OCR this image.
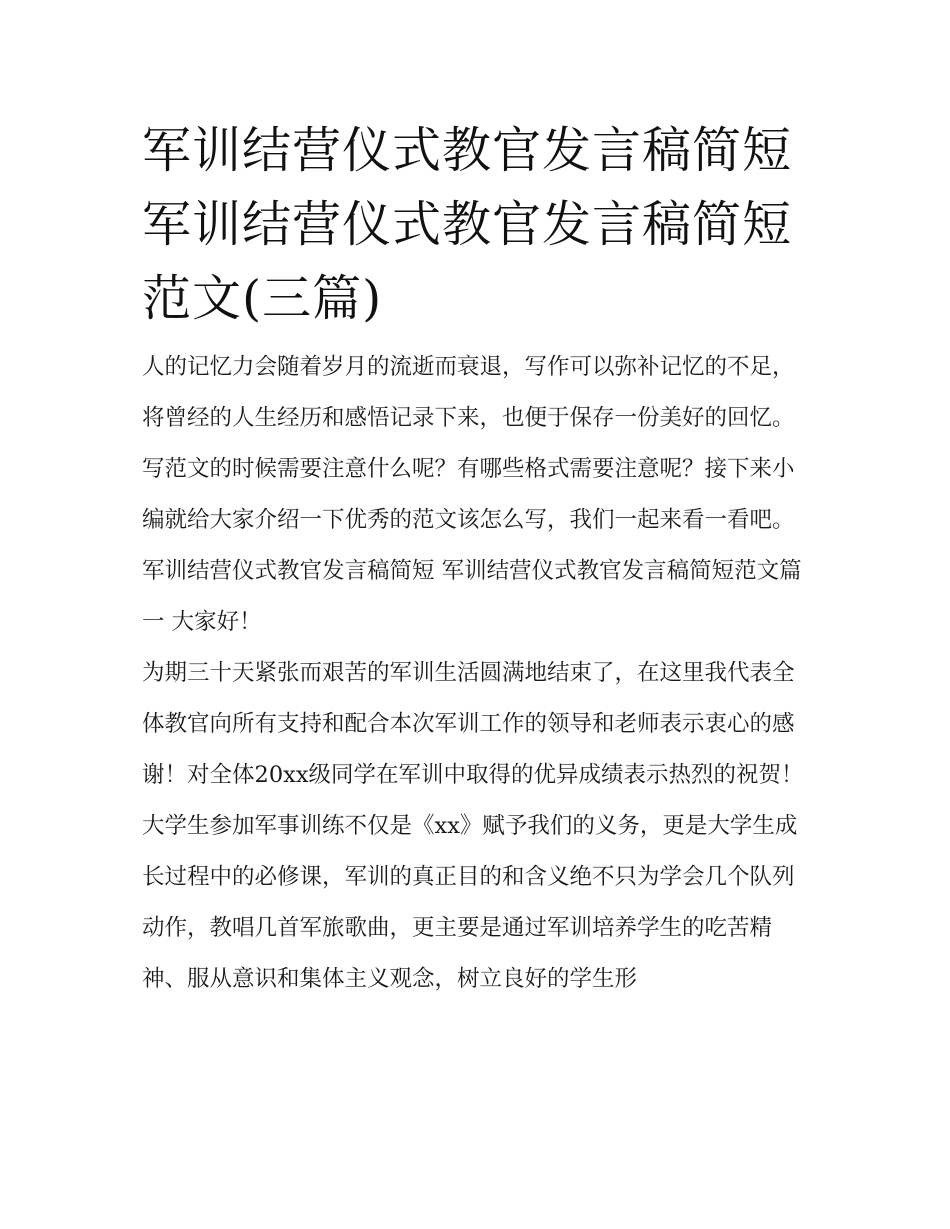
军训结营仪式教官发言稿简短 军训结营仪式教官发言稿简短范文(三篇)

人的记忆力会随着岁月的流逝而衰退，写作可以弥补记忆的不足，将曾经的人生经历和感悟记录下来，也便于保存一份美好的回忆。写范文的时候需要注意什么呢？有哪些格式需要注意呢？接下来小编就给大家介绍一下优秀的范文该怎么写，我们一起来看一看吧。

军训结营仪式教官发言稿简短 军训结营仪式教官发言稿简短范文篇一 大家好！

为期三十天紧张而艰苦的军训生活圆满地结束了，在这里我代表全体教官向所有支持和配合本次军训工作的领导和老师表示衷心的感谢！对全体20xx级同学在军训中取得的优异成绩表示热烈的祝贺！

大学生参加军事训练不仅是《xx》赋予我们的义务，更是大学生成长过程中的必修课，军训的真正目的和含义绝不只为学会几个队列动作，教唱几首军旅歌曲，更主要是通过军训培养学生的吃苦精神、服从意识和集体主义观念，树立良好的学生形
